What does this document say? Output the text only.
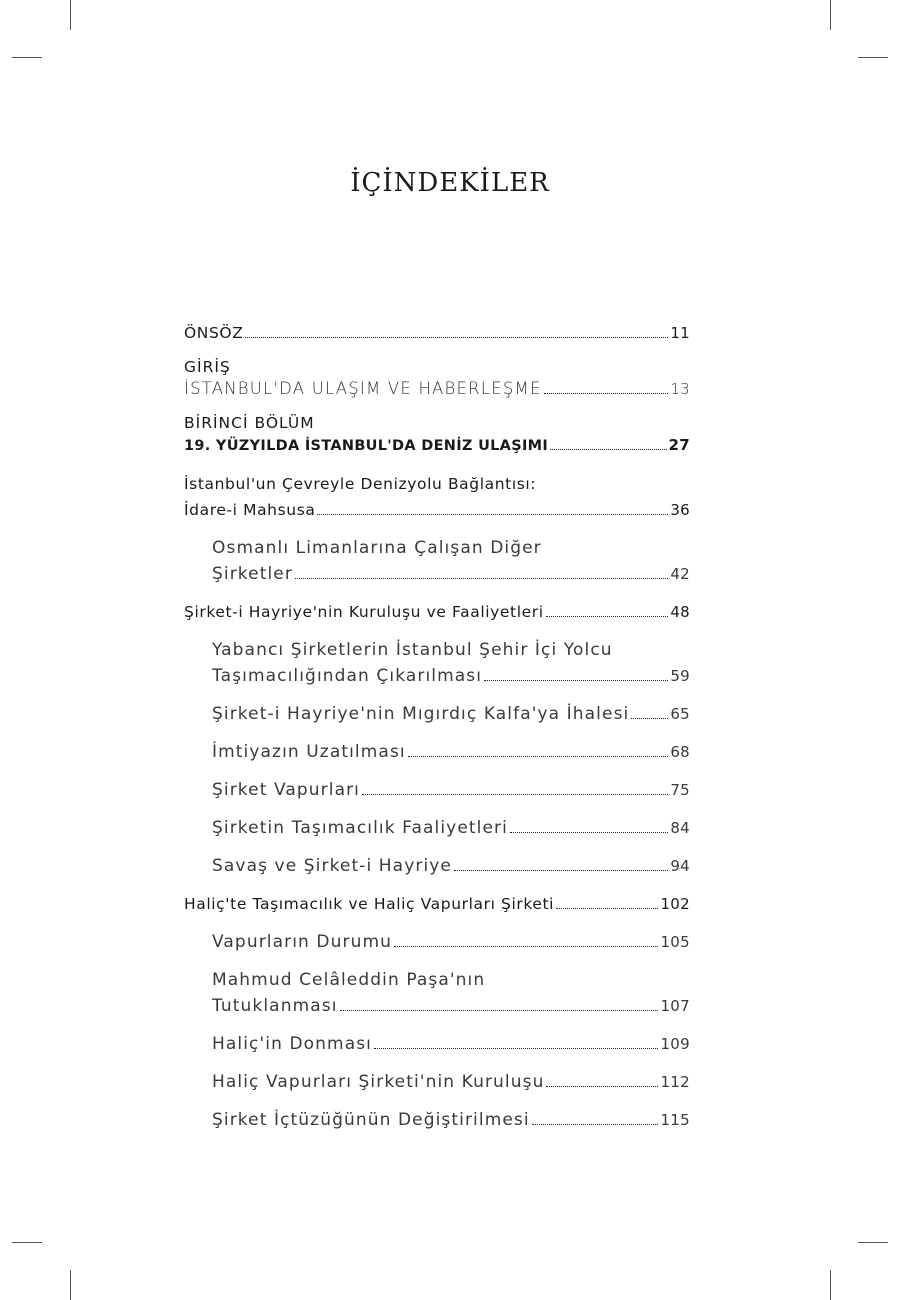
İÇİNDEKİLER
ÖNSÖZ	11
GİRİŞ
İSTANBUL'DA ULAŞIM VE HABERLEŞME	13
BİRİNCİ BÖLÜM
19. YÜZYILDA İSTANBUL'DA DENİZ ULAŞIMI	27
İstanbul'un Çevreyle Denizyolu Bağlantısı:
İdare-i Mahsusa	36
Osmanlı Limanlarına Çalışan Diğer
Şirketler	42
Şirket-i Hayriye'nin Kuruluşu ve Faaliyetleri	48
Yabancı Şirketlerin İstanbul Şehir İçi Yolcu
Taşımacılığından Çıkarılması	59
Şirket-i Hayriye'nin Mıgırdıç Kalfa'ya İhalesi	65
İmtiyazın Uzatılması	68
Şirket Vapurları	75
Şirketin Taşımacılık Faaliyetleri	84
Savaş ve Şirket-i Hayriye	94
Haliç'te Taşımacılık ve Haliç Vapurları Şirketi	102
Vapurların Durumu	105
Mahmud Celâleddin Paşa'nın
Tutuklanması	107
Haliç'in Donması	109
Haliç Vapurları Şirketi'nin Kuruluşu	112
Şirket İçtüzüğünün Değiştirilmesi	115
